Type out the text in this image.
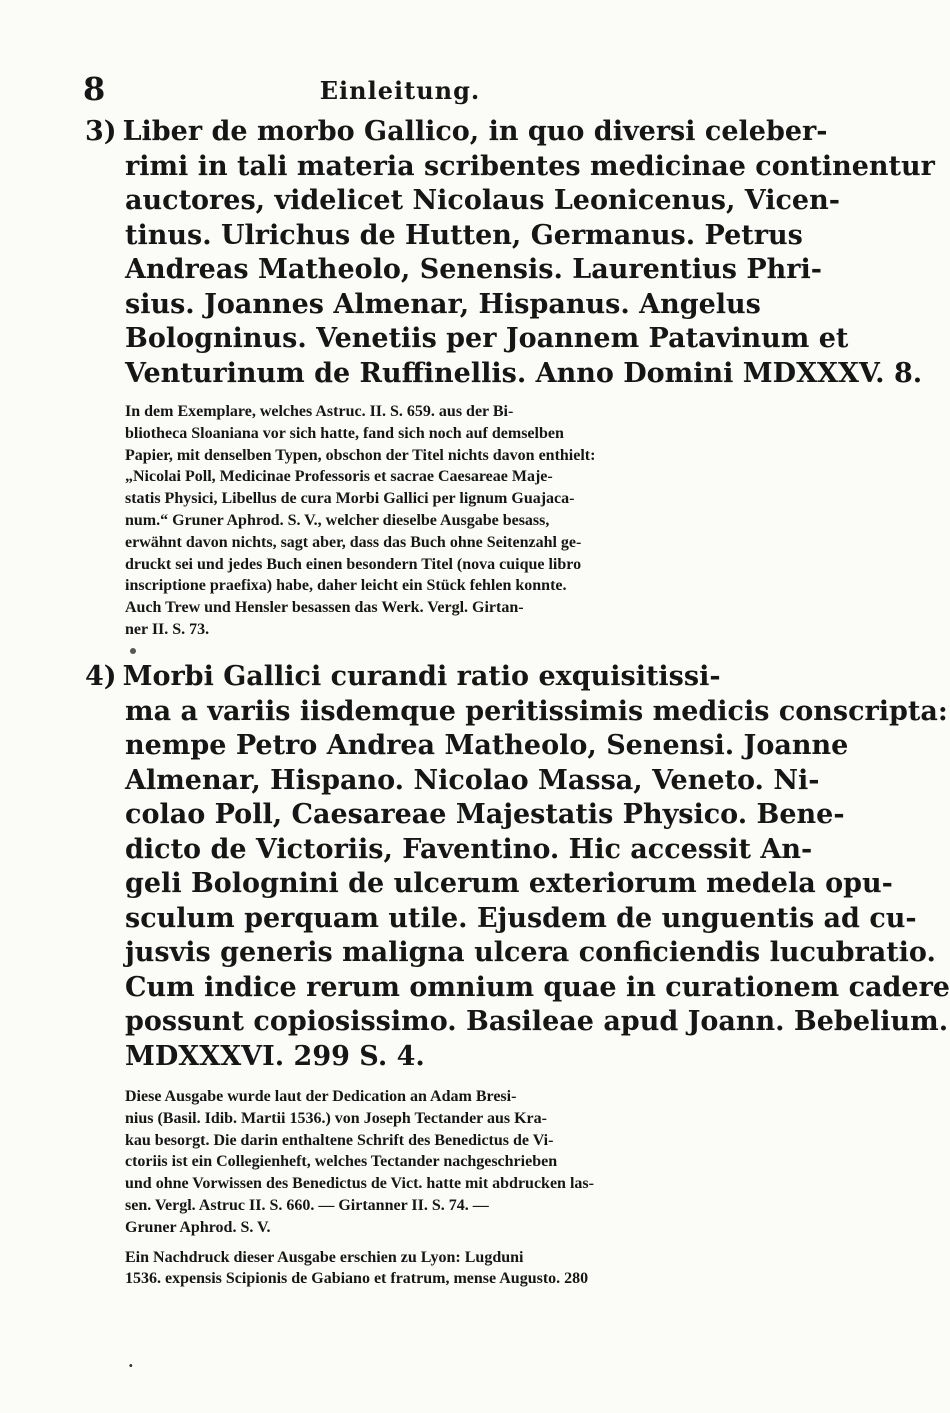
8	Einleitung.

3) Liber de morbo Gallico, in quo diversi celeber-
rimi in tali materia scribentes medicinae continentur
auctores, videlicet Nicolaus Leonicenus, Vicen-
tinus. Ulrichus de Hutten, Germanus. Petrus
Andreas Matheolo, Senensis. Laurentius Phri-
sius. Joannes Almenar, Hispanus. Angelus
Bologninus. Venetiis per Joannem Patavinum et
Venturinum de Ruffinellis. Anno Domini MDXXXV. 8.

In dem Exemplare, welches Astruc. II. S. 659. aus der Bi-
bliotheca Sloaniana vor sich hatte, fand sich noch auf demselben
Papier, mit denselben Typen, obschon der Titel nichts davon enthielt:
„Nicolai Poll, Medicinae Professoris et sacrae Caesareae Maje-
statis Physici, Libellus de cura Morbi Gallici per lignum Guajaca-
num.“ Gruner Aphrod. S. V., welcher dieselbe Ausgabe besass,
erwähnt davon nichts, sagt aber, dass das Buch ohne Seitenzahl ge-
druckt sei und jedes Buch einen besondern Titel (nova cuique libro
inscriptione praefixa) habe, daher leicht ein Stück fehlen konnte.
Auch Trew und Hensler besassen das Werk. Vergl. Girtan-
ner II. S. 73.

4) Morbi Gallici curandi ratio exquisitissi-
ma a variis iisdemque peritissimis medicis conscripta:
nempe Petro Andrea Matheolo, Senensi. Joanne
Almenar, Hispano. Nicolao Massa, Veneto. Ni-
colao Poll, Caesareae Majestatis Physico. Bene-
dicto de Victoriis, Faventino. Hic accessit An-
geli Bolognini de ulcerum exteriorum medela opu-
sculum perquam utile. Ejusdem de unguentis ad cu-
jusvis generis maligna ulcera conficiendis lucubratio.
Cum indice rerum omnium quae in curationem cadere
possunt copiosissimo. Basileae apud Joann. Bebelium.
MDXXXVI. 299 S. 4.

Diese Ausgabe wurde laut der Dedication an Adam Bresi-
nius (Basil. Idib. Martii 1536.) von Joseph Tectander aus Kra-
kau besorgt. Die darin enthaltene Schrift des Benedictus de Vi-
ctoriis ist ein Collegienheft, welches Tectander nachgeschrieben
und ohne Vorwissen des Benedictus de Vict. hatte mit abdrucken las-
sen. Vergl. Astruc II. S. 660. — Girtanner II. S. 74. —
Gruner Aphrod. S. V.

Ein Nachdruck dieser Ausgabe erschien zu Lyon: Lugduni
1536. expensis Scipionis de Gabiano et fratrum, mense Augusto. 280

·
